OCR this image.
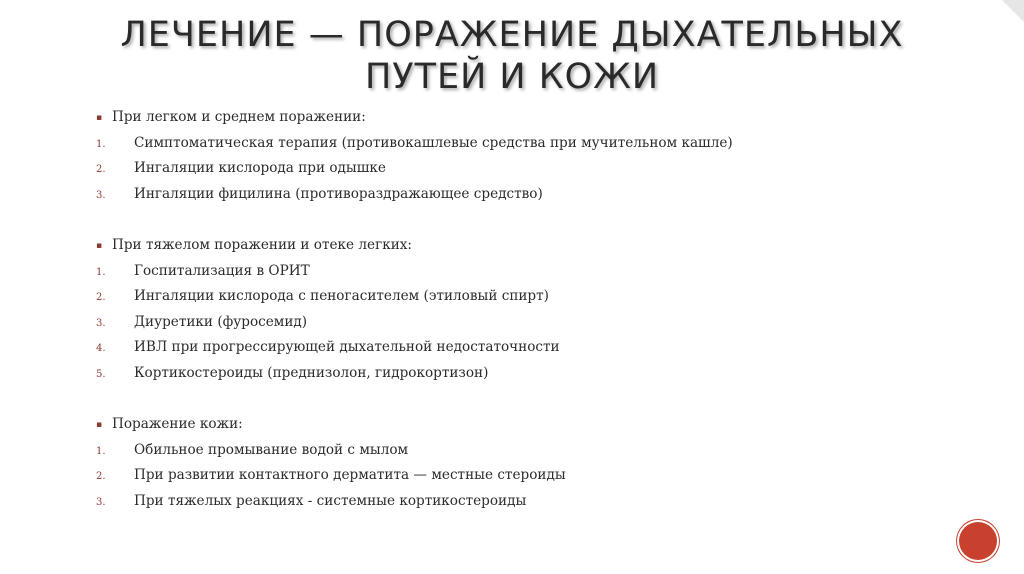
ЛЕЧЕНИЕ — ПОРАЖЕНИЕ ДЫХАТЕЛЬНЫХ
ПУТЕЙ И КОЖИ
▪ При легком и среднем поражении:
1.	Симптоматическая терапия (противокашлевые средства при мучительном кашле)
2.	Ингаляции кислорода при одышке
3.	Ингаляции фицилина (противораздражающее средство)
▪ При тяжелом поражении и отеке легких:
1.	Госпитализация в ОРИТ
2.	Ингаляции кислорода с пеногасителем (этиловый спирт)
3.	Диуретики (фуросемид)
4.	ИВЛ при прогрессирующей дыхательной недостаточности
5.	Кортикостероиды (преднизолон, гидрокортизон)
▪ Поражение кожи:
1.	Обильное промывание водой с мылом
2.	При развитии контактного дерматита — местные стероиды
3.	При тяжелых реакциях - системные кортикостероиды
